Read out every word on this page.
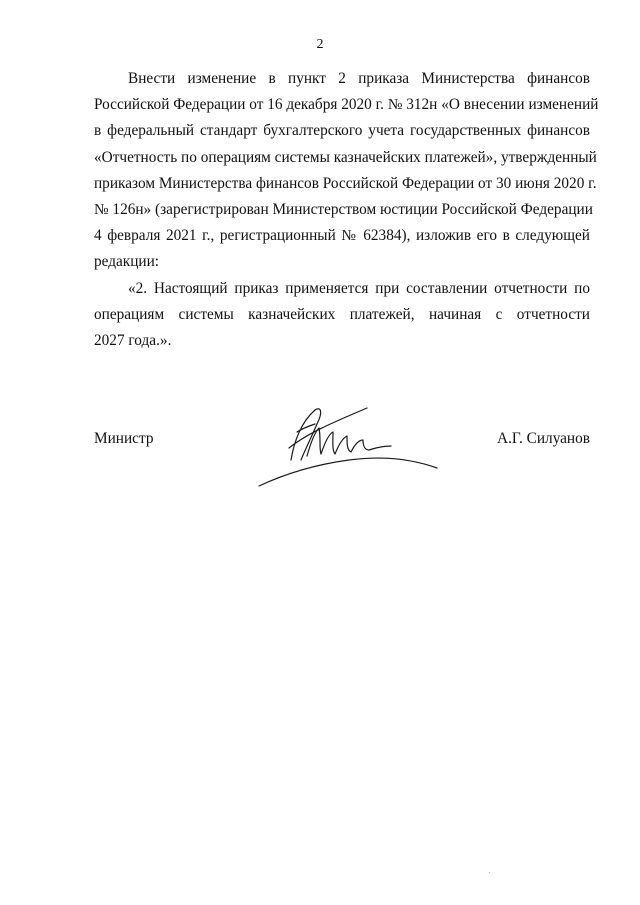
2

Внести изменение в пункт 2 приказа Министерства финансов
Российской Федерации от 16 декабря 2020 г. № 312н «О внесении изменений
в федеральный стандарт бухгалтерского учета государственных финансов
«Отчетность по операциям системы казначейских платежей», утвержденный
приказом Министерства финансов Российской Федерации от 30 июня 2020 г.
№ 126н» (зарегистрирован Министерством юстиции Российской Федерации
4 февраля 2021 г., регистрационный № 62384), изложив его в следующей
редакции:

«2. Настоящий приказ применяется при составлении отчетности по
операциям системы казначейских платежей, начиная с отчетности
2027 года.».

Министр	А.Г. Силуанов
